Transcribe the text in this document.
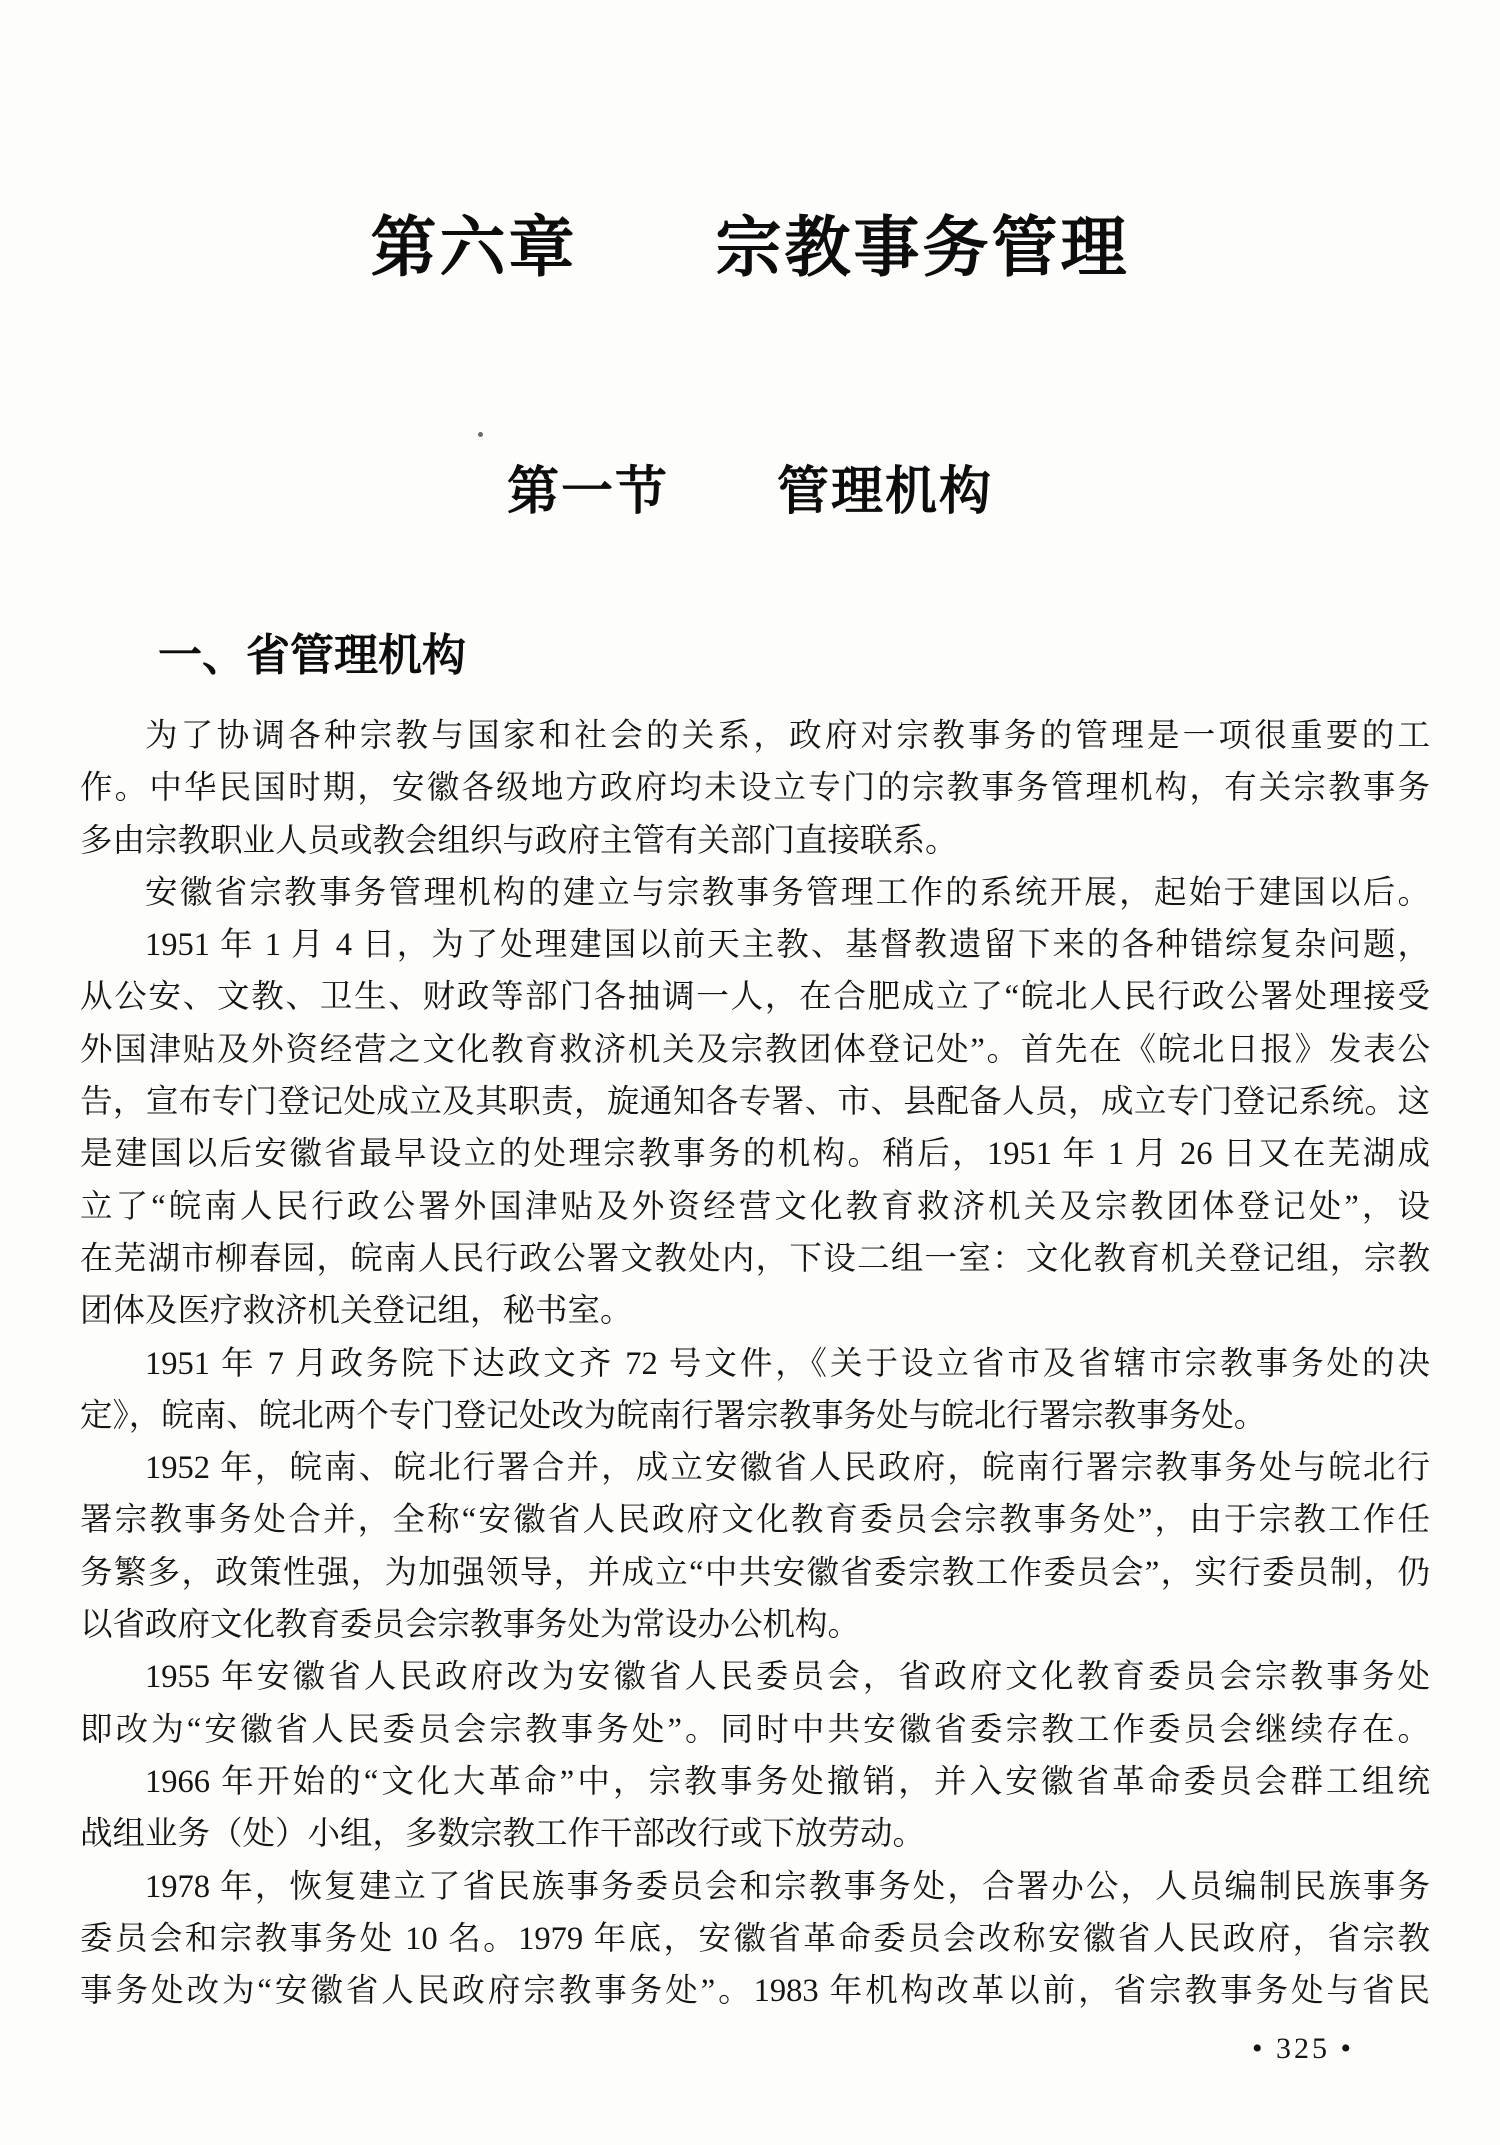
第六章　　宗教事务管理
第一节　　管理机构
一、省管理机构
为了协调各种宗教与国家和社会的关系，政府对宗教事务的管理是一项很重要的工
作。中华民国时期，安徽各级地方政府均未设立专门的宗教事务管理机构，有关宗教事务
多由宗教职业人员或教会组织与政府主管有关部门直接联系。
安徽省宗教事务管理机构的建立与宗教事务管理工作的系统开展，起始于建国以后。
1951 年 1 月 4 日，为了处理建国以前天主教、基督教遗留下来的各种错综复杂问题，
从公安、文教、卫生、财政等部门各抽调一人，在合肥成立了“皖北人民行政公署处理接受
外国津贴及外资经营之文化教育救济机关及宗教团体登记处”。首先在《皖北日报》发表公
告，宣布专门登记处成立及其职责，旋通知各专署、市、县配备人员，成立专门登记系统。这
是建国以后安徽省最早设立的处理宗教事务的机构。稍后，1951 年 1 月 26 日又在芜湖成
立了“皖南人民行政公署外国津贴及外资经营文化教育救济机关及宗教团体登记处”，设
在芜湖市柳春园，皖南人民行政公署文教处内，下设二组一室：文化教育机关登记组，宗教
团体及医疗救济机关登记组，秘书室。
1951 年 7 月政务院下达政文齐 72 号文件，《关于设立省市及省辖市宗教事务处的决
定》，皖南、皖北两个专门登记处改为皖南行署宗教事务处与皖北行署宗教事务处。
1952 年，皖南、皖北行署合并，成立安徽省人民政府，皖南行署宗教事务处与皖北行
署宗教事务处合并，全称“安徽省人民政府文化教育委员会宗教事务处”，由于宗教工作任
务繁多，政策性强，为加强领导，并成立“中共安徽省委宗教工作委员会”，实行委员制，仍
以省政府文化教育委员会宗教事务处为常设办公机构。
1955 年安徽省人民政府改为安徽省人民委员会，省政府文化教育委员会宗教事务处
即改为“安徽省人民委员会宗教事务处”。同时中共安徽省委宗教工作委员会继续存在。
1966 年开始的“文化大革命”中，宗教事务处撤销，并入安徽省革命委员会群工组统
战组业务（处）小组，多数宗教工作干部改行或下放劳动。
1978 年，恢复建立了省民族事务委员会和宗教事务处，合署办公，人员编制民族事务
委员会和宗教事务处 10 名。1979 年底，安徽省革命委员会改称安徽省人民政府，省宗教
事务处改为“安徽省人民政府宗教事务处”。1983 年机构改革以前，省宗教事务处与省民
• 325 •
